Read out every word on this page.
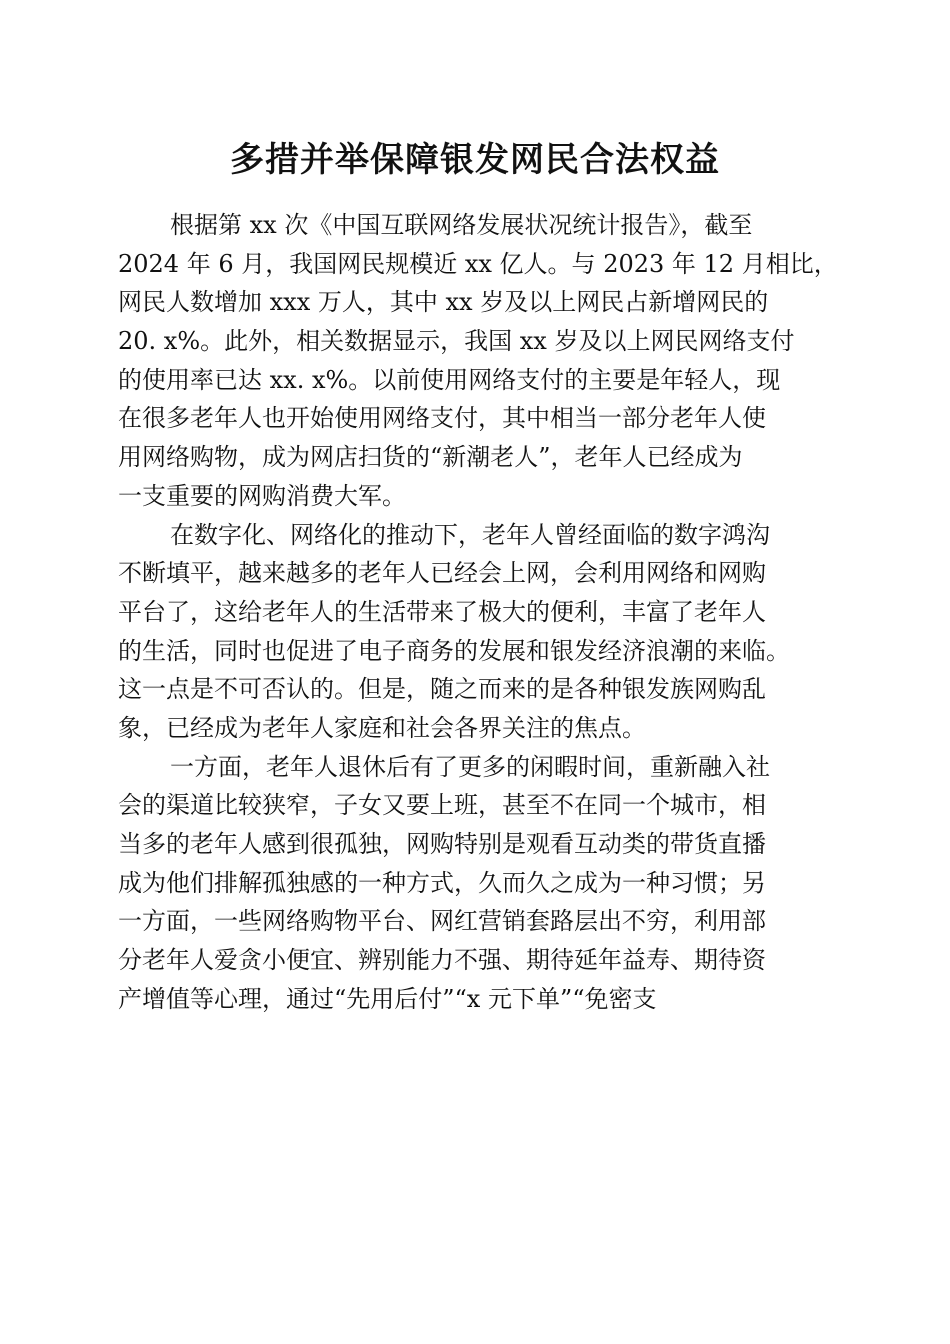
多措并举保障银发网民合法权益
根据第 xx 次《中国互联网络发展状况统计报告》，截至
2024 年 6 月，我国网民规模近 xx 亿人。与 2023 年 12 月相比，
网民人数增加 xxx 万人，其中 xx 岁及以上网民占新增网民的
20. x%。此外，相关数据显示，我国 xx 岁及以上网民网络支付
的使用率已达 xx. x%。以前使用网络支付的主要是年轻人，现
在很多老年人也开始使用网络支付，其中相当一部分老年人使
用网络购物，成为网店扫货的“新潮老人”，老年人已经成为
一支重要的网购消费大军。
在数字化、网络化的推动下，老年人曾经面临的数字鸿沟
不断填平，越来越多的老年人已经会上网，会利用网络和网购
平台了，这给老年人的生活带来了极大的便利，丰富了老年人
的生活，同时也促进了电子商务的发展和银发经济浪潮的来临。
这一点是不可否认的。但是，随之而来的是各种银发族网购乱
象，已经成为老年人家庭和社会各界关注的焦点。
一方面，老年人退休后有了更多的闲暇时间，重新融入社
会的渠道比较狭窄，子女又要上班，甚至不在同一个城市，相
当多的老年人感到很孤独，网购特别是观看互动类的带货直播
成为他们排解孤独感的一种方式，久而久之成为一种习惯；另
一方面，一些网络购物平台、网红营销套路层出不穷，利用部
分老年人爱贪小便宜、辨别能力不强、期待延年益寿、期待资
产增值等心理，通过“先用后付”“x 元下单”“免密支
